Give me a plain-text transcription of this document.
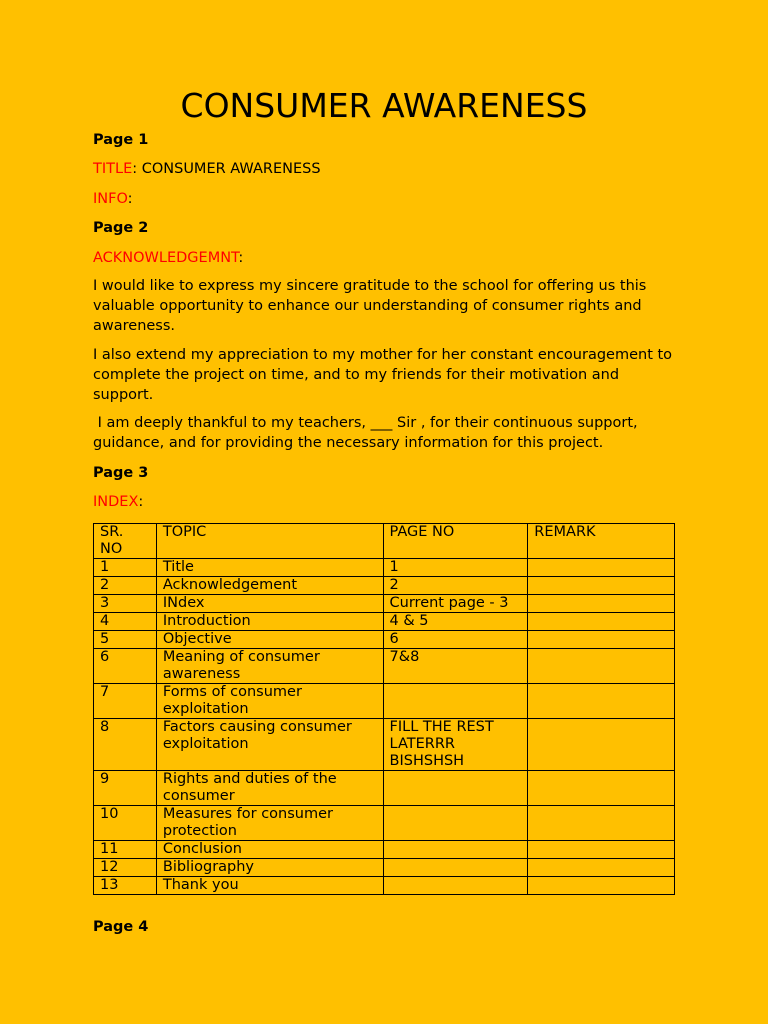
CONSUMER AWARENESS
Page 1
TITLE: CONSUMER AWARENESS
INFO:
Page 2
ACKNOWLEDGEMNT:
I would like to express my sincere gratitude to the school for offering us this valuable opportunity to enhance our understanding of consumer rights and awareness.
I also extend my appreciation to my mother for her constant encouragement to complete the project on time, and to my friends for their motivation and support.
I am deeply thankful to my teachers, ___ Sir , for their continuous support, guidance, and for providing the necessary information for this project.
Page 3
INDEX:
SR. NO	TOPIC	PAGE NO	REMARK
1	Title	1	
2	Acknowledgement	2	
3	INdex	Current page - 3	
4	Introduction	4 & 5	
5	Objective	6	
6	Meaning of consumer awareness	7&8	
7	Forms of consumer exploitation		
8	Factors causing consumer exploitation	FILL THE REST LATERRR BISHSHSH	
9	Rights and duties of the consumer		
10	Measures for consumer protection		
11	Conclusion		
12	Bibliography		
13	Thank you		
Page 4
